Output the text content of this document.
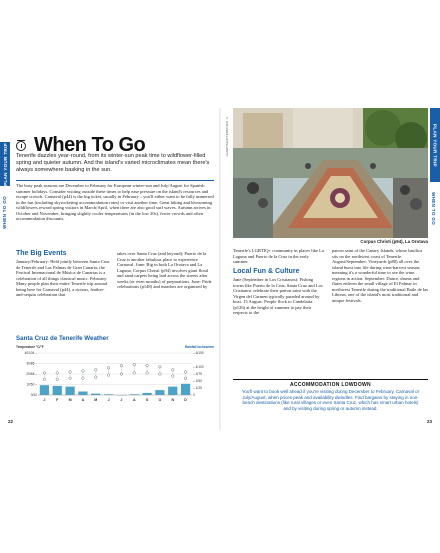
PLAN YOUR TRIP
WHEN TO GO
When To Go
Tenerife dazzles year-round, from its winter-sun peak time to wildflower-filled spring and quieter autumn. And the island's varied microclimates mean there's always somewhere basking in the sun.
The busy peak seasons are December to February for European winter-sun and July/August for Spanish summer holidays. Consider visiting outside these times to help ease pressure on the island's resources and escape crowds. Carnaval (p44) is the big ticket, usually in February – you'll either want to be fully immersed in the fun (including skyrocketing accommodation rates) or visit another time. Great hiking and blossoming wildflowers reward spring visitors in March/April, when there are also good surf waves. Autumn arrives in October and November, bringing slightly cooler temperatures (in the low 20s), fewer crowds and often accommodation discounts.
The Big Events
January/February: Held jointly between Santa Cruz de Tenerife and Las Palmas de Gran Canaria, the Festival Internacional de Música de Canarias is a celebration of all things classical music. February: Many people plan their entire Tenerife trip around being here for Carnaval (p44), a riotous, feather-and-sequin celebration that
takes over Santa Cruz (and beyond); Puerto de la Cruz is another fabulous place to experience Carnaval. June: Big in both La Orotava and La Laguna, Corpus Christi (p94) involves giant floral and sand carpets being laid across the streets after weeks (or even months) of preparations. June: Pride celebrations (p148) and marches are organised by
Santa Cruz de Tenerife Weather
Temperature °C/°F	Rainfall inches/mm
40/104 –
30/86 –
20/68 –
10/50 –
0/32
– 6/150
– 4/100
– 3/75
– 2/50
– 1/25
0
J	F	M	A	M	J	J	A	S	O	N	D
22
ALAMY/SHUTTERSTOCK ©
Corpus Christi (p94), La Orotava
Tenerife's LGBTIQ+ community in places like La Laguna and Puerto de la Cruz in the early summer.
Local Fun & Culture
June (September in Los Cristianos): Fishing towns like Puerto de la Cruz, Santa Cruz and Los Cristianos celebrate their patron saint with the Virgen del Carmen typically paraded around by boat. 15 August: People flock to Candelaria (p126) at the height of summer to pay their respects to the
patron saint of the Canary Islands, whose basilica sits on the northwest coast of Tenerife. August/September: Vineyards (p80) all over the island burst into life during wine-harvest season, meaning it's a wonderful time to see the wine regions in action. September: Dance, drums and flutes enliven the small village of El Palmar in northwest Tenerife during the traditional Baile de las Libreas, one of the island's most traditional and unique festivals.
ACCOMMODATION LOWDOWN
You'll want to book well ahead if you're visiting during December to February, Carnaval or July/August, when prices peak and availability dwindles. Find bargains by staying in non-beach destinations (like rural villages or even Santa Cruz, which has smart urban hotels) and by visiting during spring or autumn instead.
PLAN YOUR TRIP
WHEN TO GO
23
